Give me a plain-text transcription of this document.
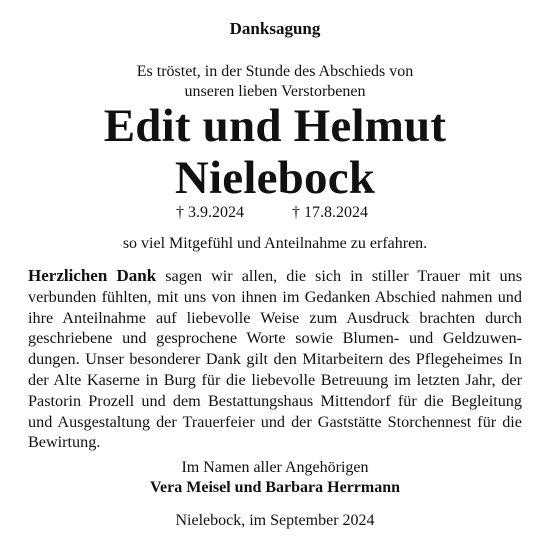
Danksagung
Es tröstet, in der Stunde des Abschieds von
unseren lieben Verstorbenen
Edit und Helmut
Nielebock
† 3.9.2024	† 17.8.2024
so viel Mitgefühl und Anteilnahme zu erfahren.
Herzlichen Dank sagen wir allen, die sich in stiller Trauer mit uns verbunden fühlten, mit uns von ihnen im Gedanken Abschied nahmen und ihre Anteilnahme auf liebevolle Weise zum Ausdruck brachten durch geschriebene und gesprochene Worte sowie Blumen- und Geldzuwendungen. Unser besonderer Dank gilt den Mitarbeitern des Pflegeheimes In der Alte Kaserne in Burg für die liebevolle Betreuung im letzten Jahr, der Pastorin Prozell und dem Bestattungshaus Mittendorf für die Begleitung und Ausgestaltung der Trauerfeier und der Gaststätte Storchennest für die Bewirtung.
Im Namen aller Angehörigen
Vera Meisel und Barbara Herrmann
Nielebock, im September 2024
